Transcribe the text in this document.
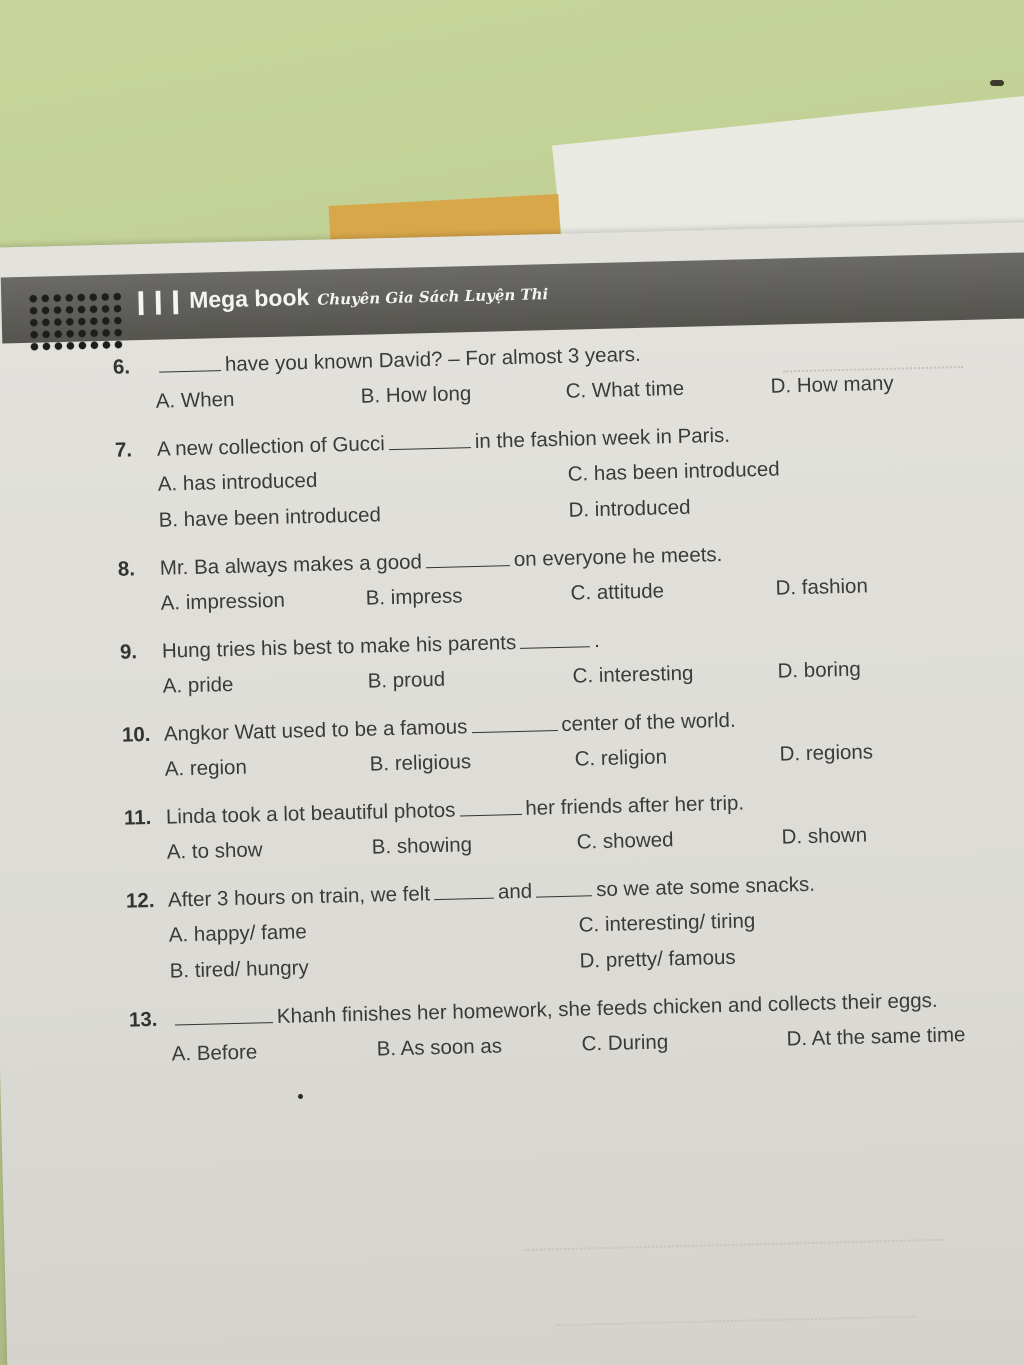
❙❙❙ Mega book Chuyên Gia Sách Luyện Thi
6.	have you known David? – For almost 3 years.
A. When	B. How long	C. What time	D. How many
7.	A new collection of Gucci	in the fashion week in Paris.
A. has introduced	C. has been introduced
B. have been introduced	D. introduced
8.	Mr. Ba always makes a good	on everyone he meets.
A. impression	B. impress	C. attitude	D. fashion
9.	Hung tries his best to make his parents	.
A. pride	B. proud	C. interesting	D. boring
10. Angkor Watt used to be a famous	center of the world.
A. region	B. religious	C. religion	D. regions
11. Linda took a lot beautiful photos	her friends after her trip.
A. to show	B. showing	C. showed	D. shown
12. After 3 hours on train, we felt	and	so we ate some snacks.
A. happy/ fame	C. interesting/ tiring
B. tired/ hungry	D. pretty/ famous
13.	Khanh finishes her homework, she feeds chicken and collects their eggs.
A. Before	B. As soon as	C. During	D. At the same time
